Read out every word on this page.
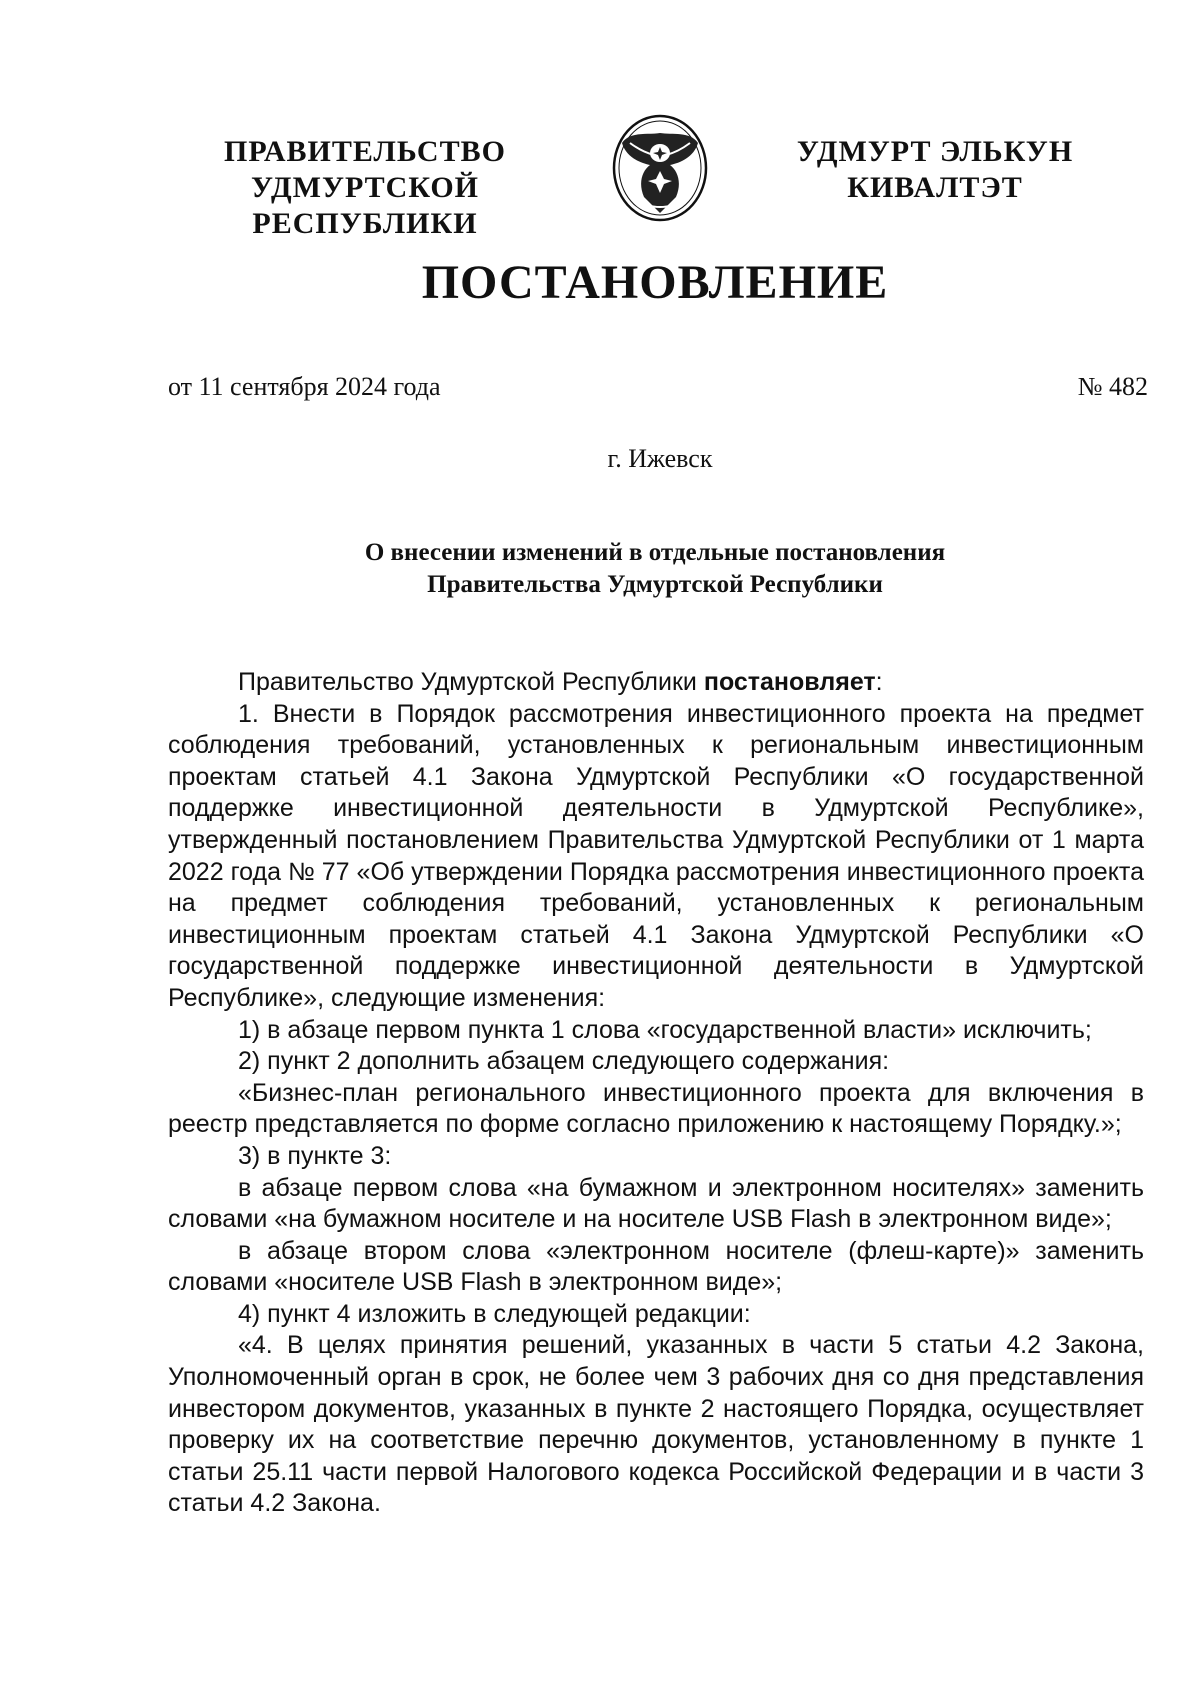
ПРАВИТЕЛЬСТВО
УДМУРТСКОЙ РЕСПУБЛИКИ
УДМУРТ ЭЛЬКУН
КИВАЛТЭТ
ПОСТАНОВЛЕНИЕ
от 11 сентября 2024 года	№ 482
г. Ижевск
О внесении изменений в отдельные постановления
Правительства Удмуртской Республики

Правительство Удмуртской Республики постановляет:

1. Внести в Порядок рассмотрения инвестиционного проекта на предмет соблюдения требований, установленных к региональным инвестиционным проектам статьей 4.1 Закона Удмуртской Республики «О государственной поддержке инвестиционной деятельности в Удмуртской Республике», утвержденный постановлением Правительства Удмуртской Республики от 1 марта 2022 года № 77 «Об утверждении Порядка рассмотрения инвестиционного проекта на предмет соблюдения требований, установленных к региональным инвестиционным проектам статьей 4.1 Закона Удмуртской Республики «О государственной поддержке инвестиционной деятельности в Удмуртской Республике», следующие изменения:

1) в абзаце первом пункта 1 слова «государственной власти» исключить;

2) пункт 2 дополнить абзацем следующего содержания:

«Бизнес-план регионального инвестиционного проекта для включения в реестр представляется по форме согласно приложению к настоящему Порядку.»;

3) в пункте 3:

в абзаце первом слова «на бумажном и электронном носителях» заменить словами «на бумажном носителе и на носителе USB Flash в электронном виде»;

в абзаце втором слова «электронном носителе (флеш-карте)» заменить словами «носителе USB Flash в электронном виде»;

4) пункт 4 изложить в следующей редакции:

«4. В целях принятия решений, указанных в части 5 статьи 4.2 Закона, Уполномоченный орган в срок, не более чем 3 рабочих дня со дня представления инвестором документов, указанных в пункте 2 настоящего Порядка, осуществляет проверку их на соответствие перечню документов, установленному в пункте 1 статьи 25.11 части первой Налогового кодекса Российской Федерации и в части 3 статьи 4.2 Закона.
